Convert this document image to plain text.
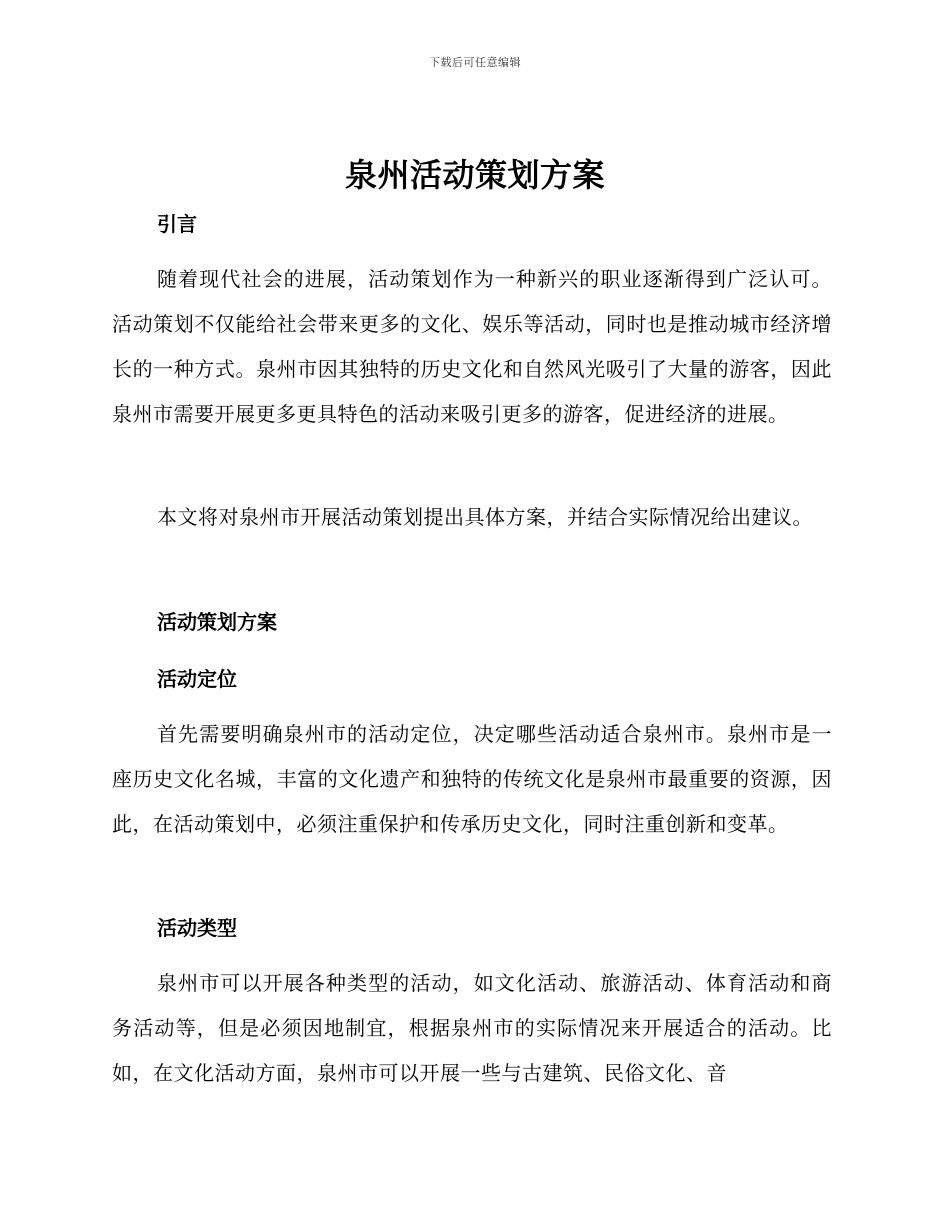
下载后可任意编辑
泉州活动策划方案
引言

随着现代社会的进展，活动策划作为一种新兴的职业逐渐得到广泛认可。活动策划不仅能给社会带来更多的文化、娱乐等活动，同时也是推动城市经济增长的一种方式。泉州市因其独特的历史文化和自然风光吸引了大量的游客，因此泉州市需要开展更多更具特色的活动来吸引更多的游客，促进经济的进展。

本文将对泉州市开展活动策划提出具体方案，并结合实际情况给出建议。

活动策划方案
活动定位

首先需要明确泉州市的活动定位，决定哪些活动适合泉州市。泉州市是一座历史文化名城，丰富的文化遗产和独特的传统文化是泉州市最重要的资源，因此，在活动策划中，必须注重保护和传承历史文化，同时注重创新和变革。

活动类型

泉州市可以开展各种类型的活动，如文化活动、旅游活动、体育活动和商务活动等，但是必须因地制宜，根据泉州市的实际情况来开展适合的活动。比如，在文化活动方面，泉州市可以开展一些与古建筑、民俗文化、音
